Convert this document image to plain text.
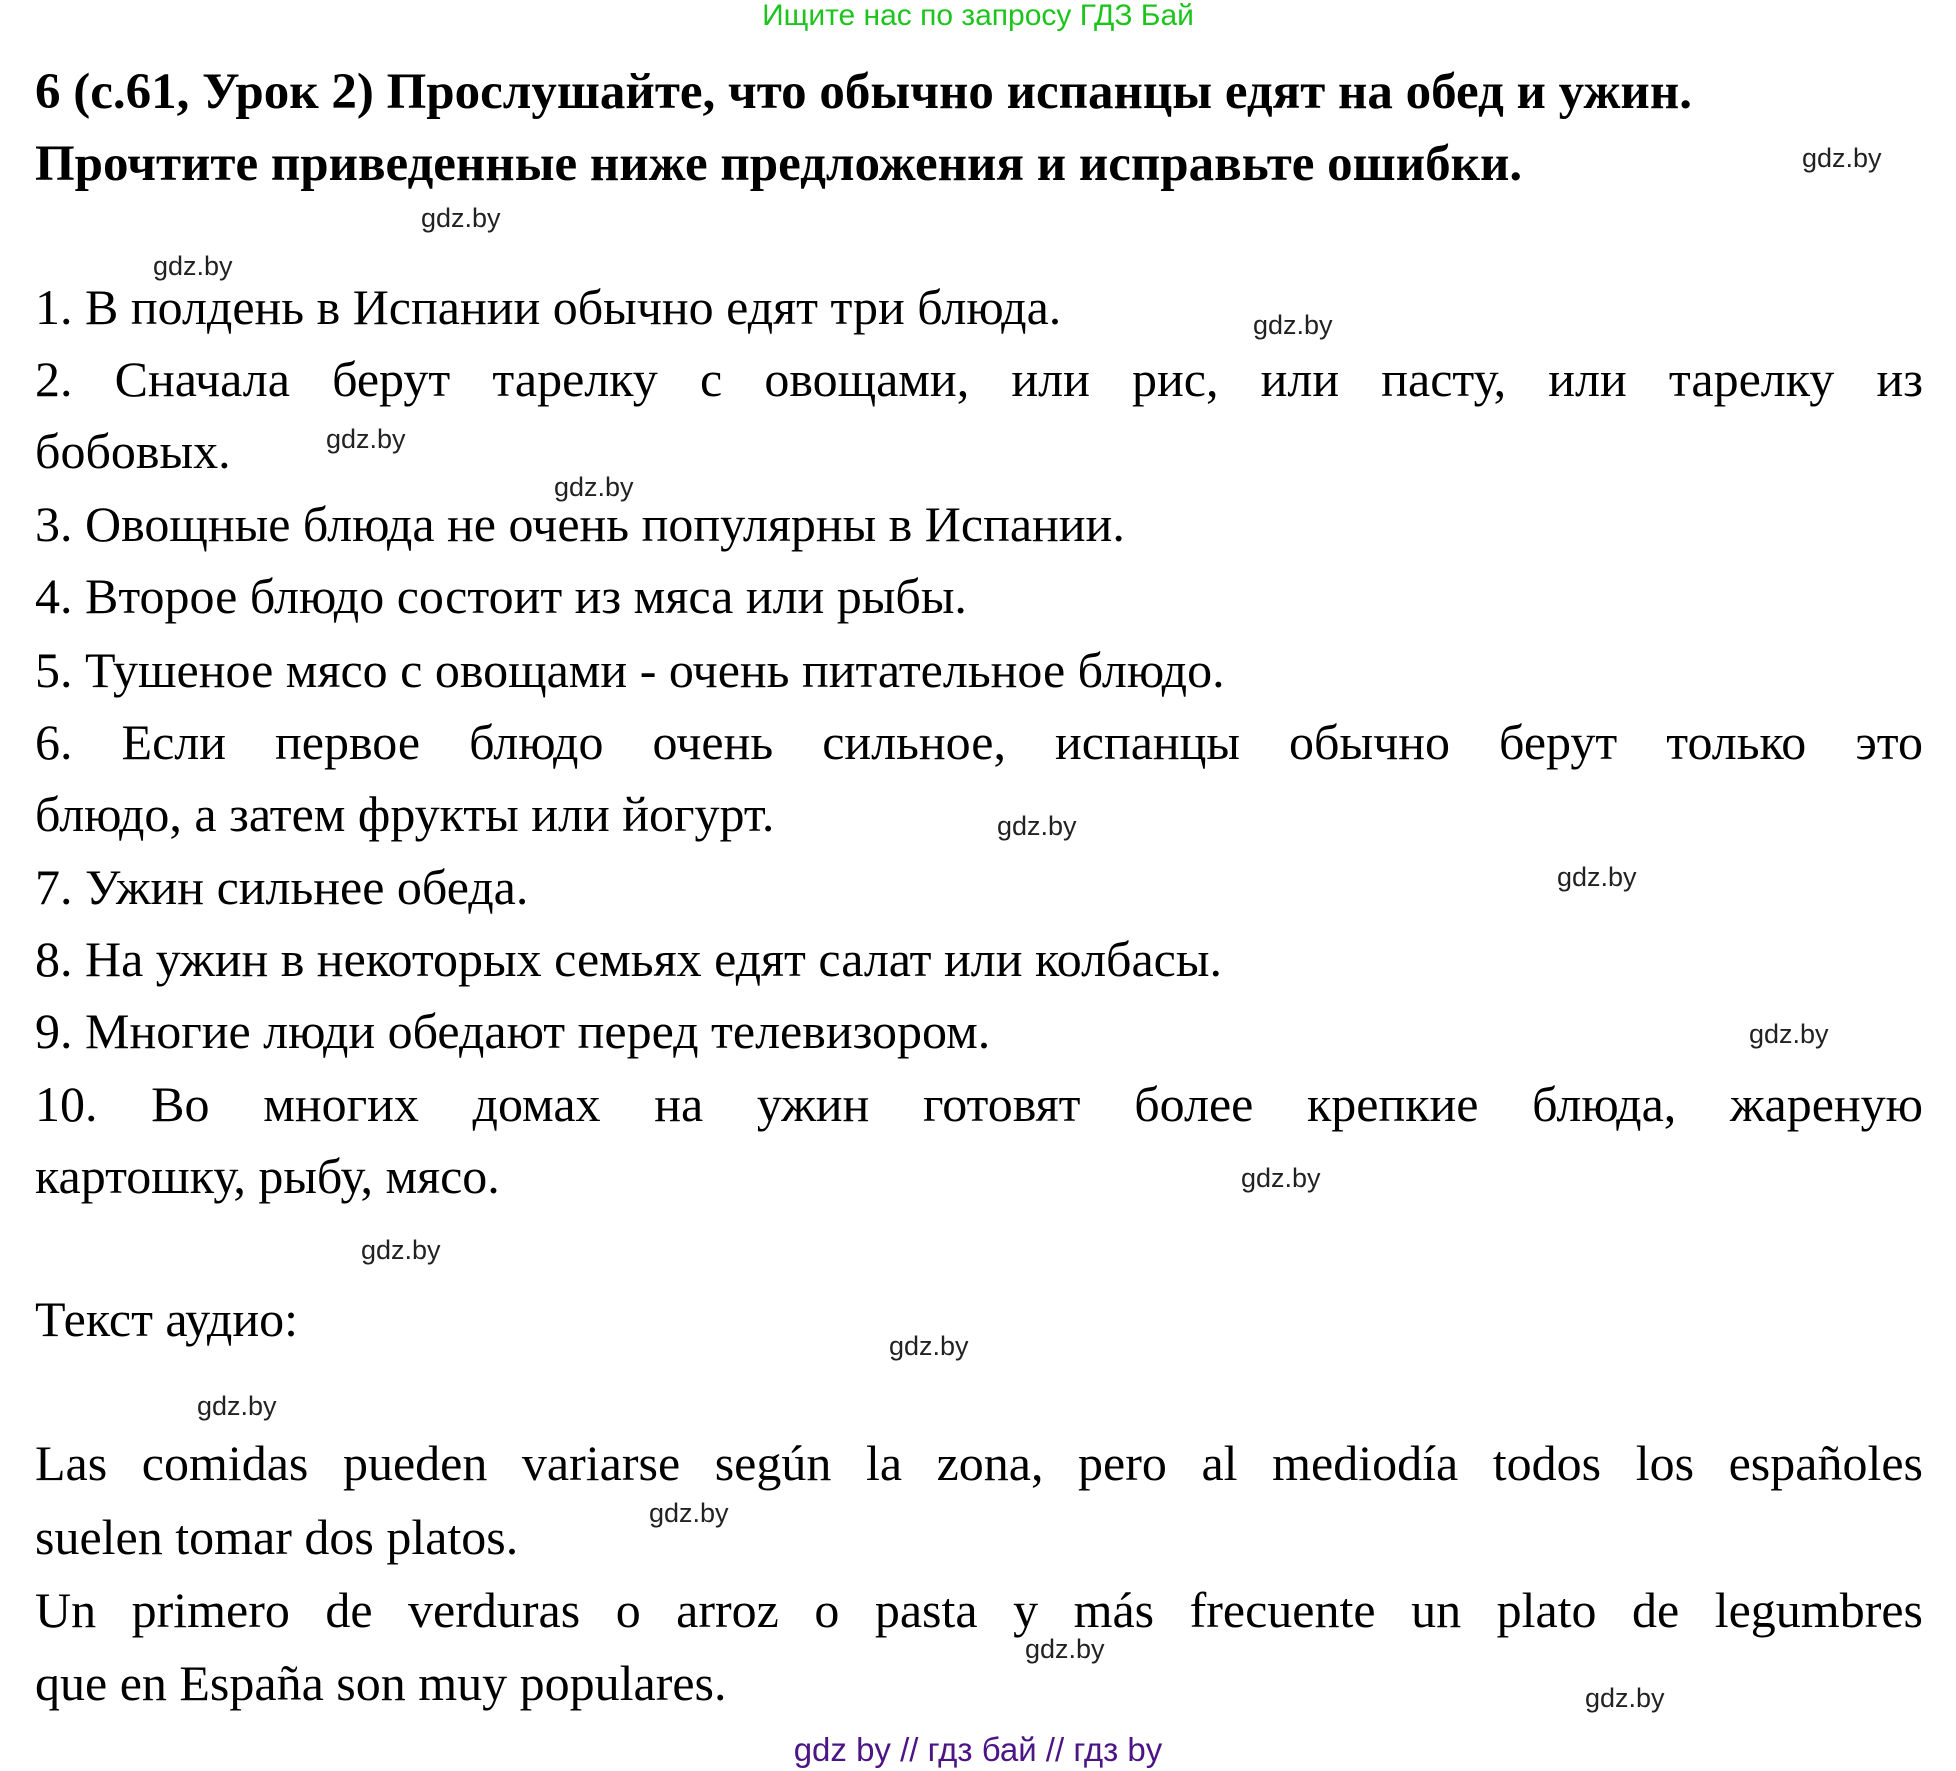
Ищите нас по запросу ГДЗ Бай
6 (с.61, Урок 2) Прослушайте, что обычно испанцы едят на обед и ужин.
Прочтите приведенные ниже предложения и исправьте ошибки.
1. В полдень в Испании обычно едят три блюда.
2. Сначала берут тарелку с овощами, или рис, или пасту, или тарелку из
бобовых.
3. Овощные блюда не очень популярны в Испании.
4. Второе блюдо состоит из мяса или рыбы.
5. Тушеное мясо с овощами - очень питательное блюдо.
6. Если первое блюдо очень сильное, испанцы обычно берут только это
блюдо, а затем фрукты или йогурт.
7. Ужин сильнее обеда.
8. На ужин в некоторых семьях едят салат или колбасы.
9. Многие люди обедают перед телевизором.
10. Во многих домах на ужин готовят более крепкие блюда, жареную
картошку, рыбу, мясо.
Текст аудио:
Las comidas pueden variarse según la zona, pero al mediodía todos los españoles
suelen tomar dos platos.
Un primero de verduras o arroz o pasta y más frecuente un plato de legumbres
que en España son muy populares.
gdz.by
gdz.by
gdz.by
gdz.by
gdz.by
gdz.by
gdz.by
gdz.by
gdz.by
gdz.by
gdz.by
gdz.by
gdz.by
gdz.by
gdz.by
gdz.by
gdz by // гдз бай // гдз by
